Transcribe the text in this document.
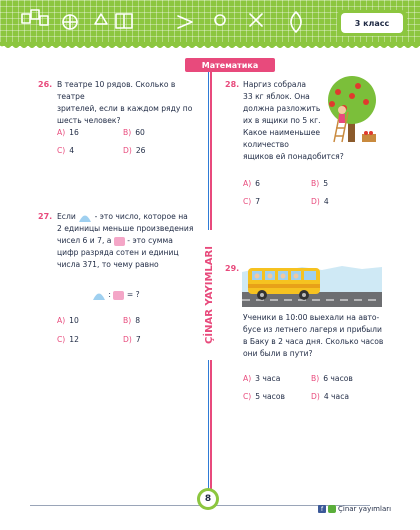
3 класс
Математика
ÇİNAR YAYIMLARI
26. В театре 10 рядов. Сколько в театре
зрителей, если в каждом ряду по
шесть человек?
A) 16	B) 60
C) 4	D) 26
27. Если - это число, которое на
2 единицы меньше произведения
чисел 6 и 7, а - это сумма
цифр разряда сотен и единиц
числа 371, то чему равно
: = ?
A) 10	B) 8
C) 12	D) 7
28. Наргиз собрала
33 кг яблок. Она
должна разложить
их в ящики по 5 кг.
Какое наименьшее
количество
ящиков ей понадобится?
A) 6	B) 5
C) 7	D) 4
29.
Ученики в 10:00 выехали на авто-
бусе из летнего лагеря и прибыли
в Баку в 2 часа дня. Сколько часов
они были в пути?
A) 3 часа	B) 6 часов
C) 5 часов	D) 4 часа
8
f	Çinar yayımları
